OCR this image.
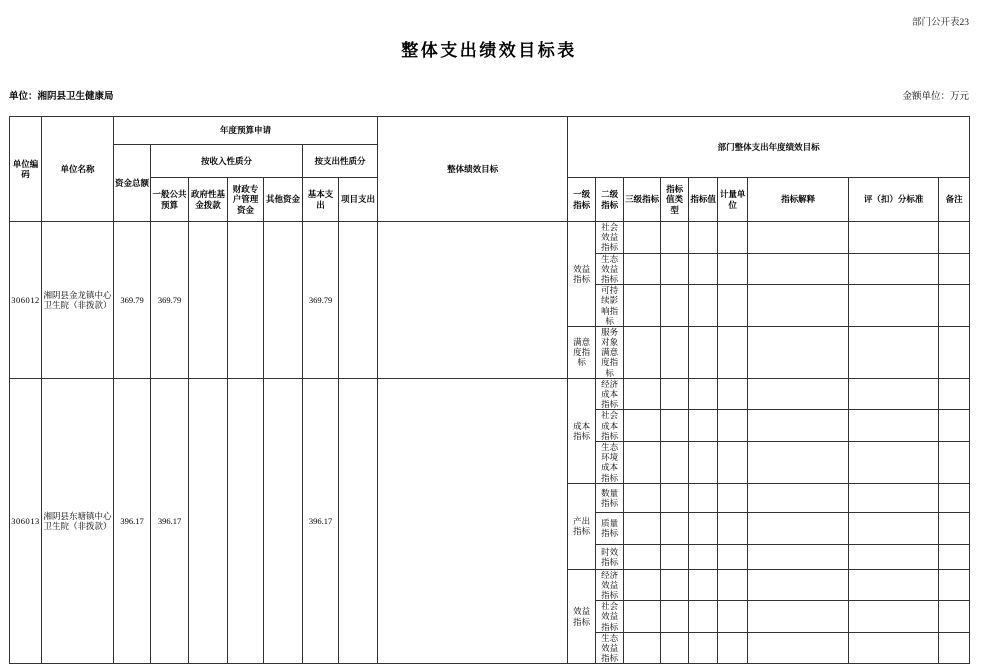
部门公开表23
整体支出绩效目标表
单位：湘阴县卫生健康局	金额单位：万元
单位编码	单位名称	年度预算申请							整体绩效目标	部门整体支出年度绩效目标								
		资金总额	按收入性质分				按支出性质分											
			一般公共预算	政府性基金拨款	财政专户管理资金	其他资金	基本支出	项目支出		一级指标	二级指标	三级指标	指标值类型	指标值	计量单位	指标解释	评（扣）分标准	备注
306012	湘阴县金龙镇中心卫生院（非拨款）	369.79	369.79				369.79			效益指标	社会效益指标							
											生态效益指标							
											可持续影响指标							
										满意度指标	服务对象满意度指标							
306013	湘阴县东塘镇中心卫生院（非拨款）	396.17	396.17				396.17			成本指标	经济成本指标							
											社会成本指标							
											生态环境成本指标							
										产出指标	数量指标							
											质量指标							
											时效指标							
										效益指标	经济效益指标							
											社会效益指标							
											生态效益指标							
